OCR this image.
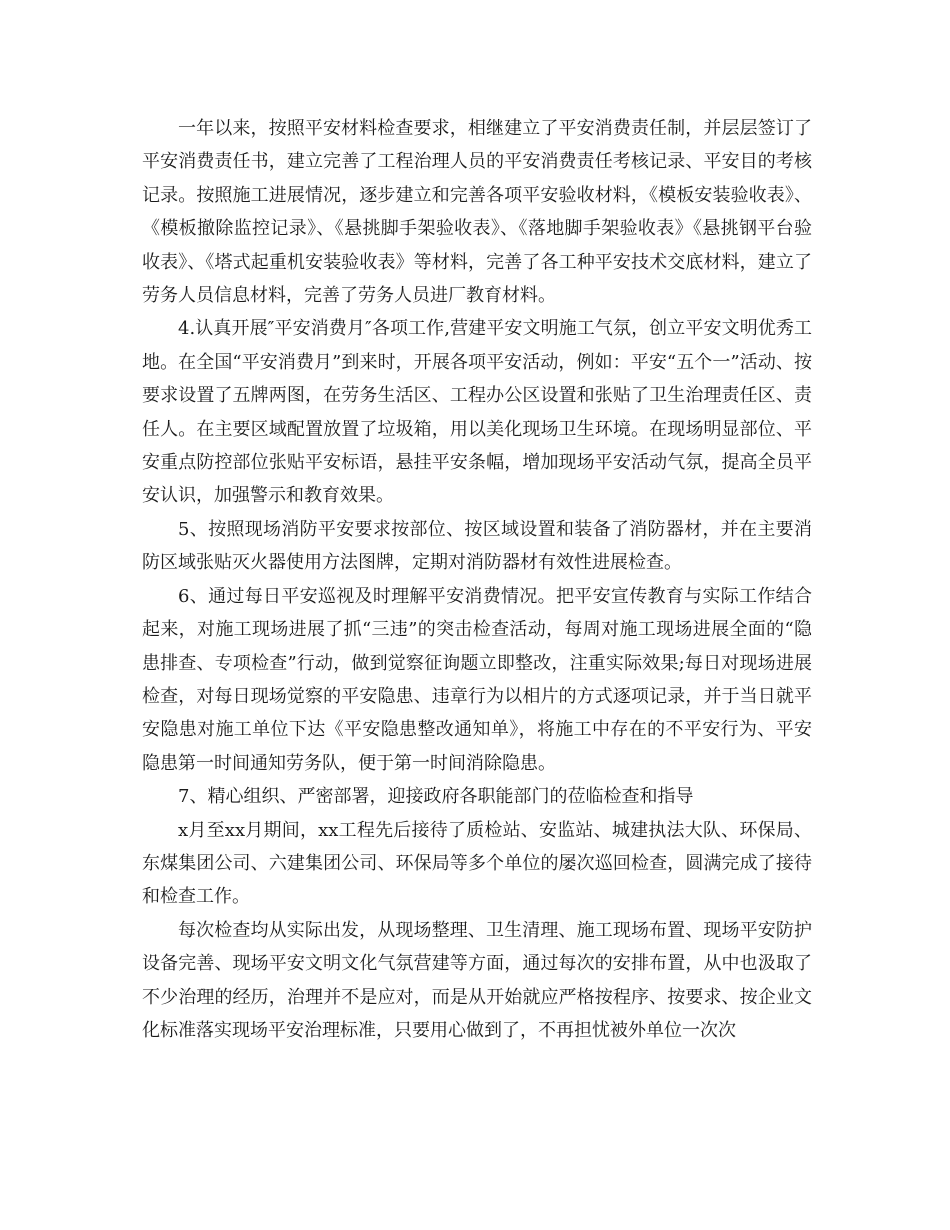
一年以来，按照平安材料检查要求，相继建立了平安消费责任制，并层层签订了平安消费责任书，建立完善了工程治理人员的平安消费责任考核记录、平安目的考核记录。按照施工进展情况，逐步建立和完善各项平安验收材料，《模板安装验收表》、《模板撤除监控记录》、《悬挑脚手架验收表》、《落地脚手架验收表》《悬挑钢平台验收表》、《塔式起重机安装验收表》等材料，完善了各工种平安技术交底材料，建立了劳务人员信息材料，完善了劳务人员进厂教育材料。

4.认真开展″平安消费月″各项工作,营建平安文明施工气氛，创立平安文明优秀工地。在全国“平安消费月”到来时，开展各项平安活动，例如：平安“五个一”活动、按要求设置了五牌两图，在劳务生活区、工程办公区设置和张贴了卫生治理责任区、责任人。在主要区域配置放置了垃圾箱，用以美化现场卫生环境。在现场明显部位、平安重点防控部位张贴平安标语，悬挂平安条幅，增加现场平安活动气氛，提高全员平安认识，加强警示和教育效果。

5、按照现场消防平安要求按部位、按区域设置和装备了消防器材，并在主要消防区域张贴灭火器使用方法图牌，定期对消防器材有效性进展检查。

6、通过每日平安巡视及时理解平安消费情况。把平安宣传教育与实际工作结合起来，对施工现场进展了抓“三违”的突击检查活动，每周对施工现场进展全面的“隐患排查、专项检查”行动，做到觉察征询题立即整改，注重实际效果;每日对现场进展检查，对每日现场觉察的平安隐患、违章行为以相片的方式逐项记录，并于当日就平安隐患对施工单位下达《平安隐患整改通知单》，将施工中存在的不平安行为、平安隐患第一时间通知劳务队，便于第一时间消除隐患。

7、精心组织、严密部署，迎接政府各职能部门的莅临检查和指导

x月至xx月期间，xx工程先后接待了质检站、安监站、城建执法大队、环保局、东煤集团公司、六建集团公司、环保局等多个单位的屡次巡回检查，圆满完成了接待和检查工作。

每次检查均从实际出发，从现场整理、卫生清理、施工现场布置、现场平安防护设备完善、现场平安文明文化气氛营建等方面，通过每次的安排布置，从中也汲取了不少治理的经历，治理并不是应对，而是从开始就应严格按程序、按要求、按企业文化标准落实现场平安治理标准，只要用心做到了，不再担忧被外单位一次次
